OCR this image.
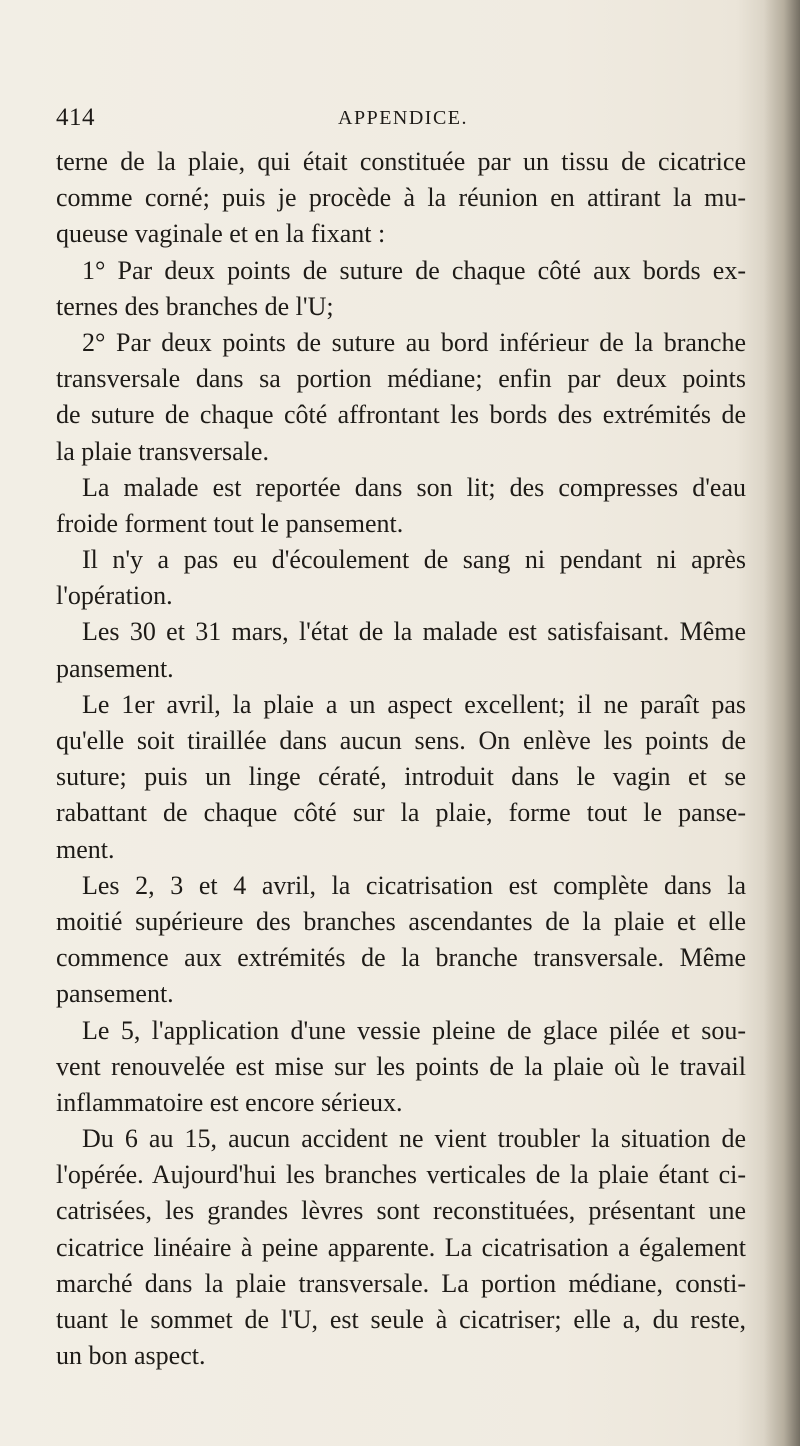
414	APPENDICE.
terne de la plaie, qui était constituée par un tissu de cicatrice
comme corné; puis je procède à la réunion en attirant la mu-
queuse vaginale et en la fixant :
1° Par deux points de suture de chaque côté aux bords ex-
ternes des branches de l'U;
2° Par deux points de suture au bord inférieur de la branche
transversale dans sa portion médiane; enfin par deux points
de suture de chaque côté affrontant les bords des extrémités de
la plaie transversale.
La malade est reportée dans son lit; des compresses d'eau
froide forment tout le pansement.
Il n'y a pas eu d'écoulement de sang ni pendant ni après
l'opération.
Les 30 et 31 mars, l'état de la malade est satisfaisant. Même
pansement.
Le 1er avril, la plaie a un aspect excellent; il ne paraît pas
qu'elle soit tiraillée dans aucun sens. On enlève les points de
suture; puis un linge cératé, introduit dans le vagin et se
rabattant de chaque côté sur la plaie, forme tout le panse-
ment.
Les 2, 3 et 4 avril, la cicatrisation est complète dans la
moitié supérieure des branches ascendantes de la plaie et elle
commence aux extrémités de la branche transversale. Même
pansement.
Le 5, l'application d'une vessie pleine de glace pilée et sou-
vent renouvelée est mise sur les points de la plaie où le travail
inflammatoire est encore sérieux.
Du 6 au 15, aucun accident ne vient troubler la situation de
l'opérée. Aujourd'hui les branches verticales de la plaie étant ci-
catrisées, les grandes lèvres sont reconstituées, présentant une
cicatrice linéaire à peine apparente. La cicatrisation a également
marché dans la plaie transversale. La portion médiane, consti-
tuant le sommet de l'U, est seule à cicatriser; elle a, du reste,
un bon aspect.
